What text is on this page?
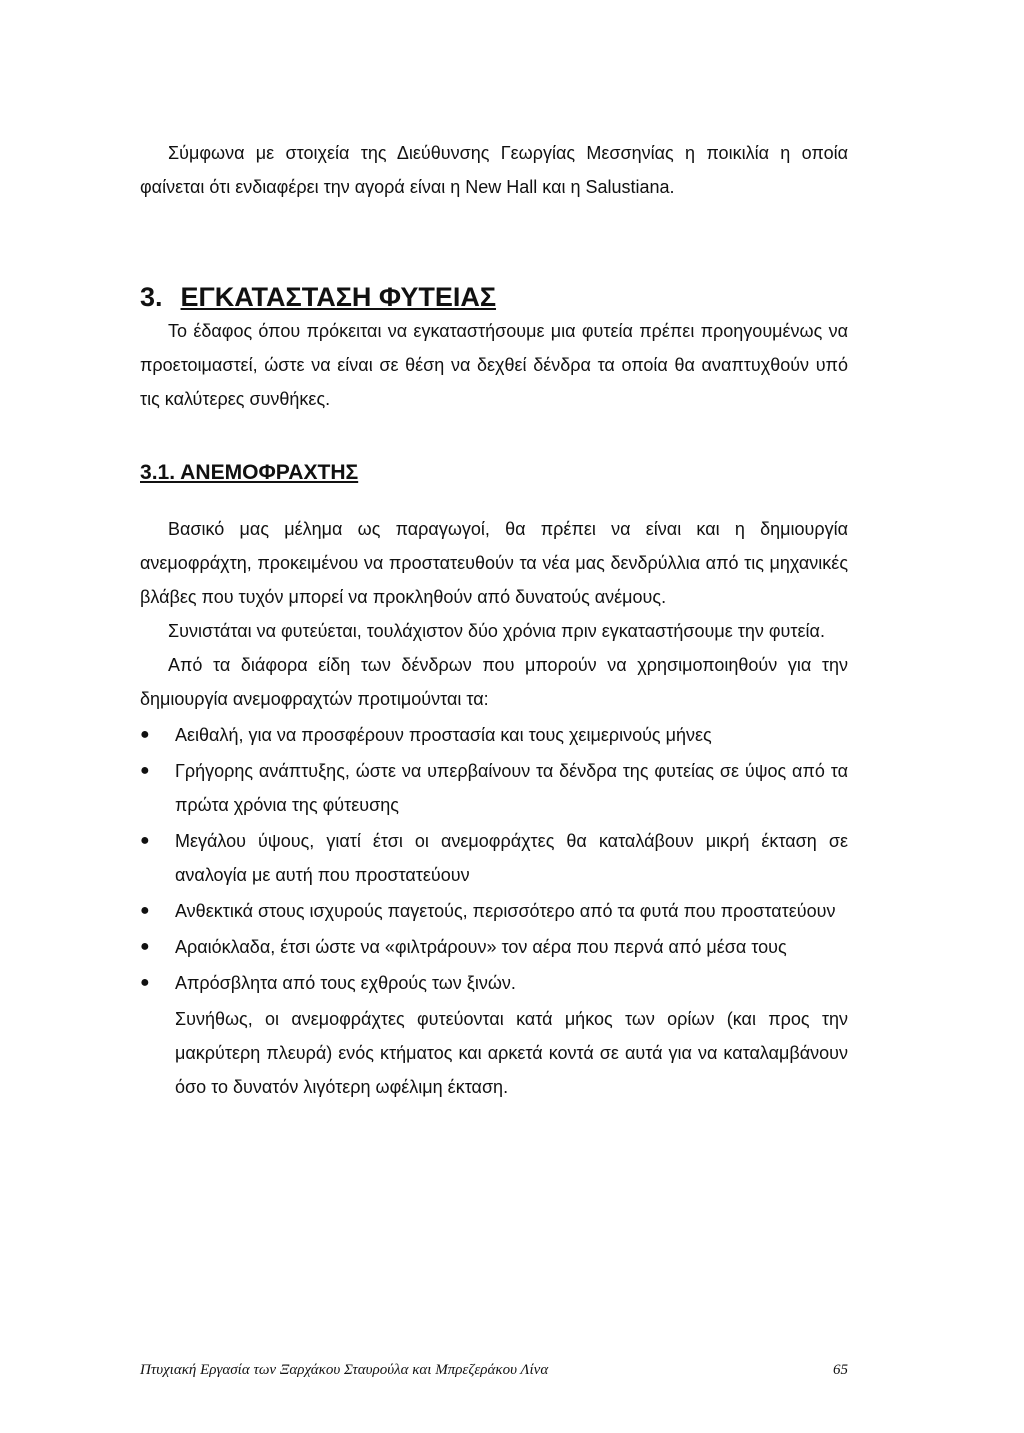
Σύμφωνα με στοιχεία της Διεύθυνσης Γεωργίας Μεσσηνίας η ποικιλία η οποία φαίνεται ότι ενδιαφέρει την αγορά είναι η New Hall και η Salustiana.

3. ΕΓΚΑΤΑΣΤΑΣΗ ΦΥΤΕΙΑΣ

Το έδαφος όπου πρόκειται να εγκαταστήσουμε μια φυτεία πρέπει προηγουμένως να προετοιμαστεί, ώστε να είναι σε θέση να δεχθεί δένδρα τα οποία θα αναπτυχθούν υπό τις καλύτερες συνθήκες.

3.1. ΑΝΕΜΟΦΡΑΧΤΗΣ

Βασικό μας μέλημα ως παραγωγοί, θα πρέπει να είναι και η δημιουργία ανεμοφράχτη, προκειμένου να προστατευθούν τα νέα μας δενδρύλλια από τις μηχανικές βλάβες που τυχόν μπορεί να προκληθούν από δυνατούς ανέμους.

Συνιστάται να φυτεύεται, τουλάχιστον δύο χρόνια πριν εγκαταστήσουμε την φυτεία.

Από τα διάφορα είδη των δένδρων που μπορούν να χρησιμοποιηθούν για την δημιουργία ανεμοφραχτών προτιμούνται τα:

● Αειθαλή, για να προσφέρουν προστασία και τους χειμερινούς μήνες
● Γρήγορης ανάπτυξης, ώστε να υπερβαίνουν τα δένδρα της φυτείας σε ύψος από τα πρώτα χρόνια της φύτευσης
● Μεγάλου ύψους, γιατί έτσι οι ανεμοφράχτες θα καταλάβουν μικρή έκταση σε αναλογία με αυτή που προστατεύουν
● Ανθεκτικά στους ισχυρούς παγετούς, περισσότερο από τα φυτά που προστατεύουν
● Αραιόκλαδα, έτσι ώστε να «φιλτράρουν» τον αέρα που περνά από μέσα τους
● Απρόσβλητα από τους εχθρούς των ξινών.

Συνήθως, οι ανεμοφράχτες φυτεύονται κατά μήκος των ορίων (και προς την μακρύτερη πλευρά) ενός κτήματος και αρκετά κοντά σε αυτά για να καταλαμβάνουν όσο το δυνατόν λιγότερη ωφέλιμη έκταση.

Πτυχιακή Εργασία των Ξαρχάκου Σταυρούλα και Μπρεζεράκου Λίνα	65
